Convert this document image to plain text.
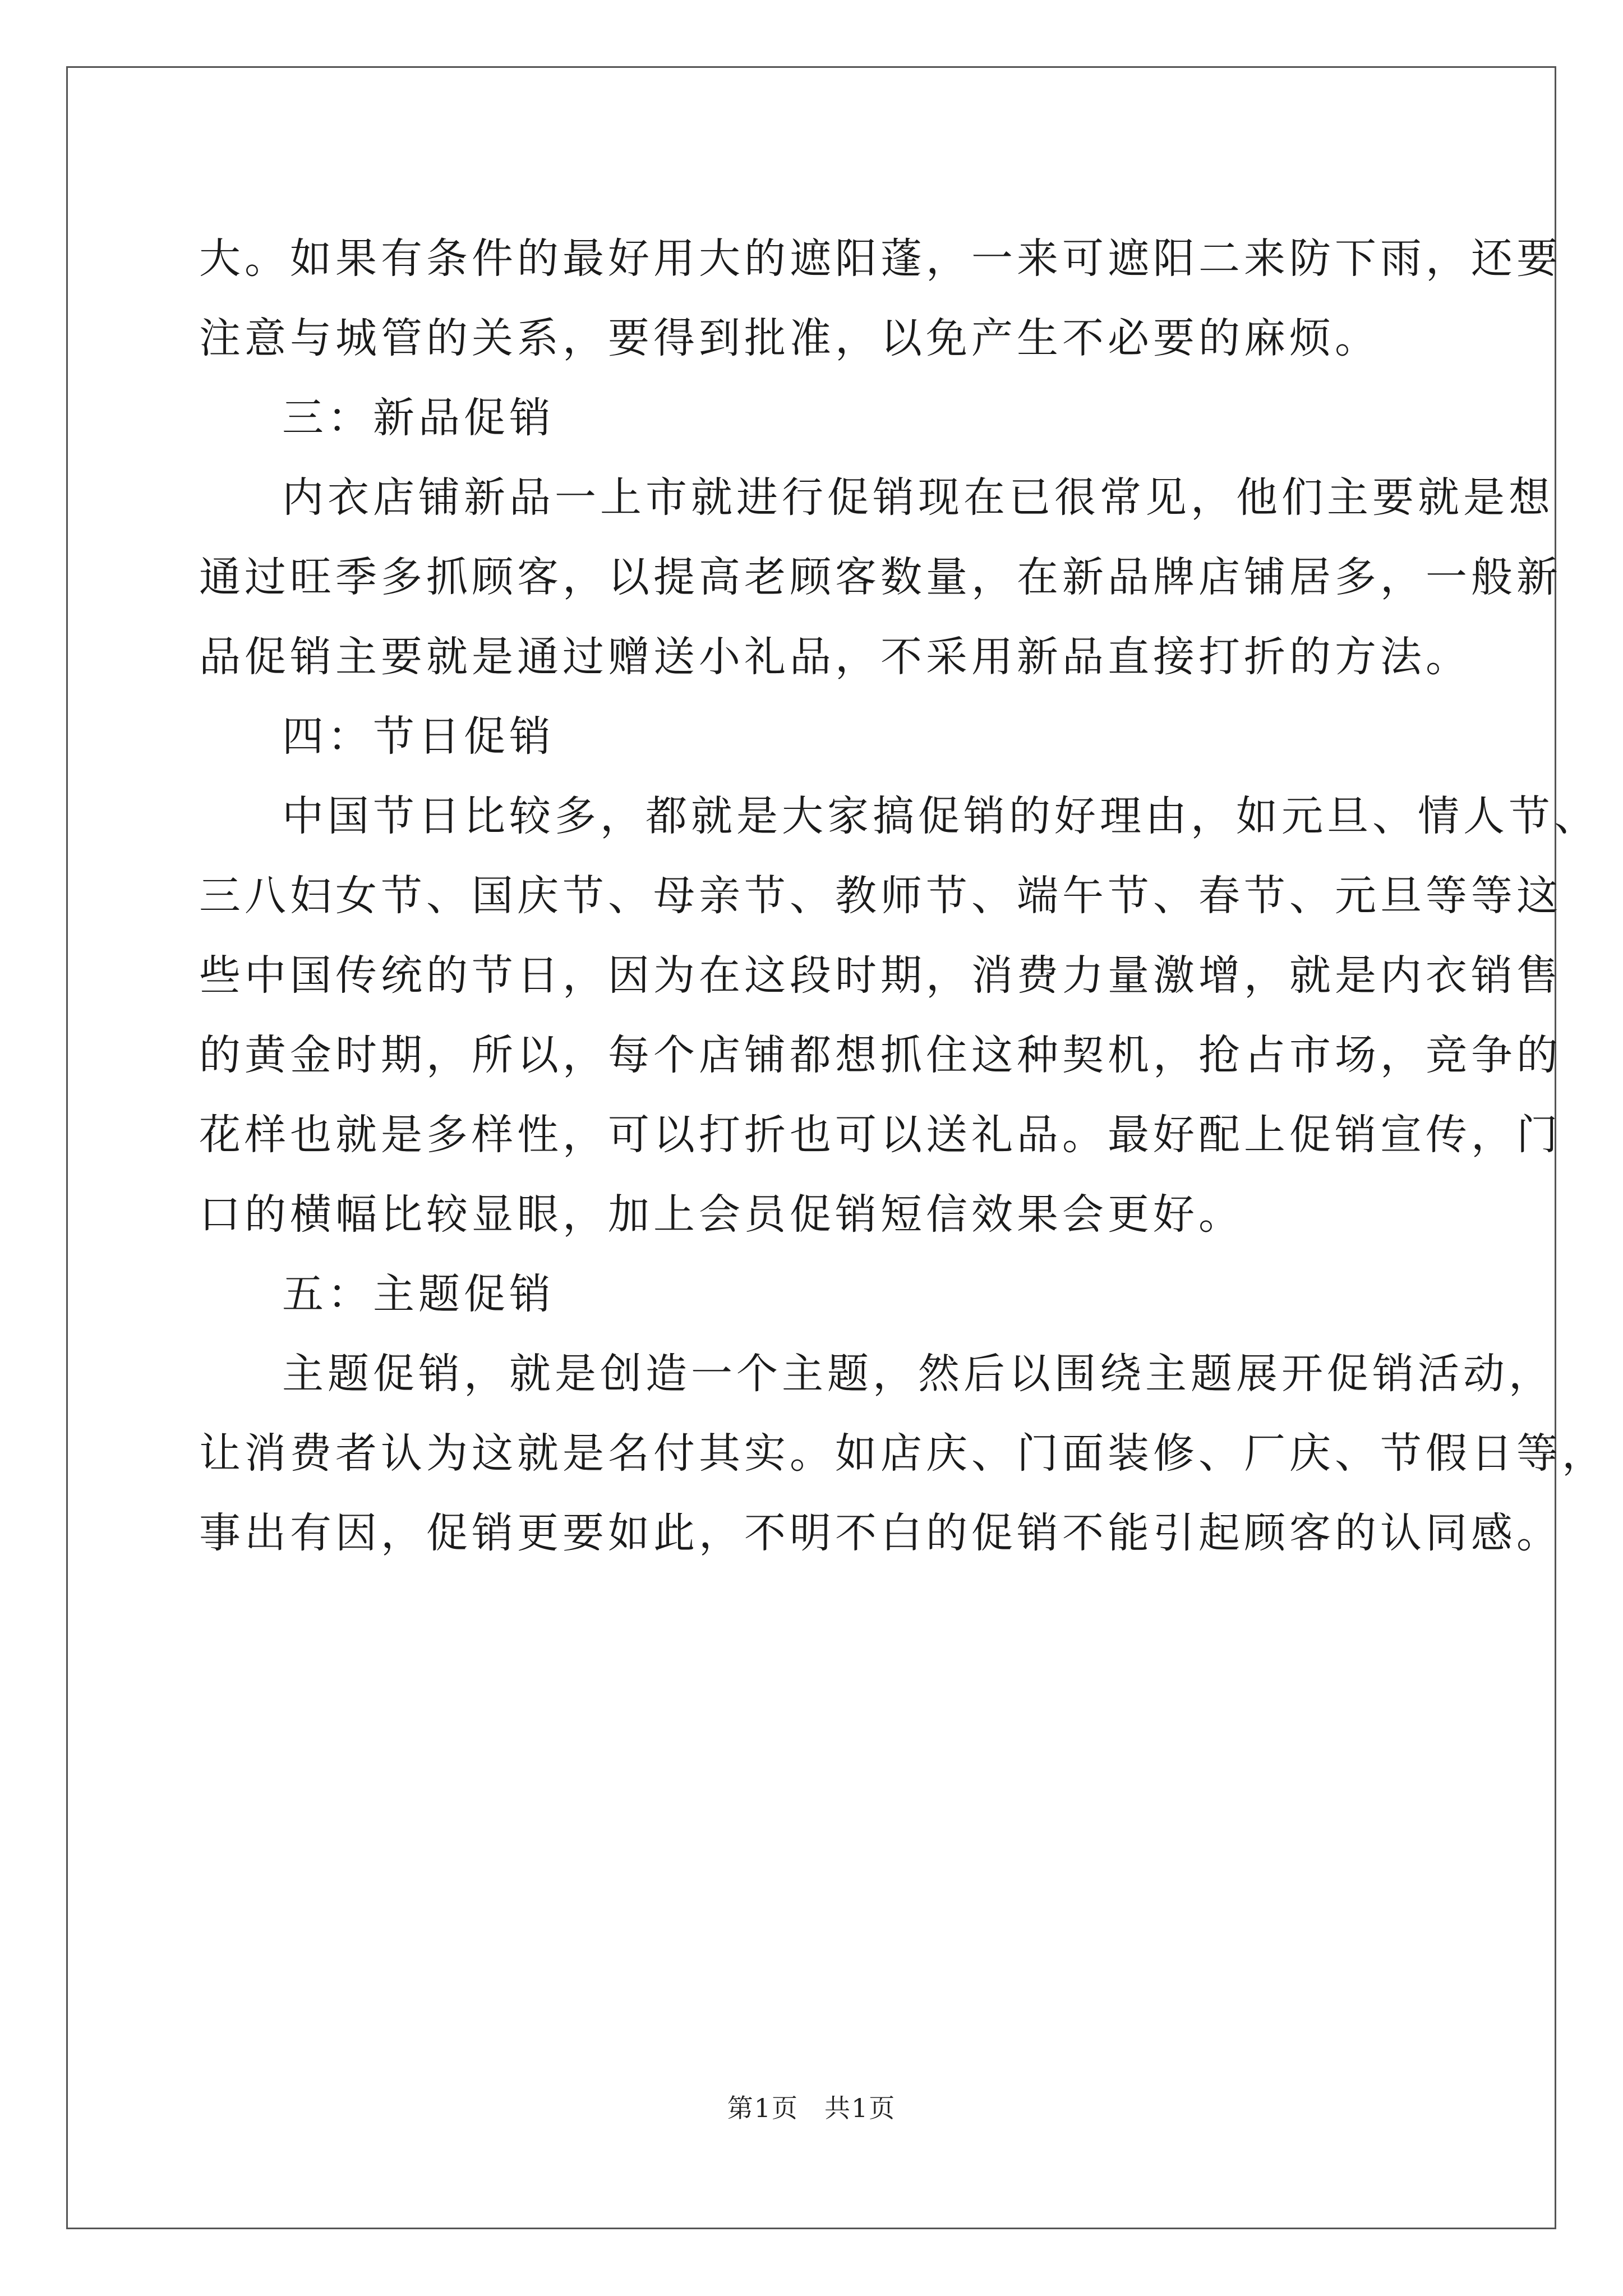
大。如果有条件的最好用大的遮阳蓬，一来可遮阳二来防下雨，还要
注意与城管的关系，要得到批准，以免产生不必要的麻烦。
三：新品促销
内衣店铺新品一上市就进行促销现在已很常见，他们主要就是想
通过旺季多抓顾客，以提高老顾客数量，在新品牌店铺居多，一般新
品促销主要就是通过赠送小礼品，不采用新品直接打折的方法。
四：节日促销
中国节日比较多，都就是大家搞促销的好理由，如元旦、情人节、
三八妇女节、国庆节、母亲节、教师节、端午节、春节、元旦等等这
些中国传统的节日，因为在这段时期，消费力量激增，就是内衣销售
的黄金时期，所以，每个店铺都想抓住这种契机，抢占市场，竞争的
花样也就是多样性，可以打折也可以送礼品。最好配上促销宣传，门
口的横幅比较显眼，加上会员促销短信效果会更好。
五：主题促销
主题促销，就是创造一个主题，然后以围绕主题展开促销活动，
让消费者认为这就是名付其实。如店庆、门面装修、厂庆、节假日等，
事出有因，促销更要如此，不明不白的促销不能引起顾客的认同感。
第1页 共1页
